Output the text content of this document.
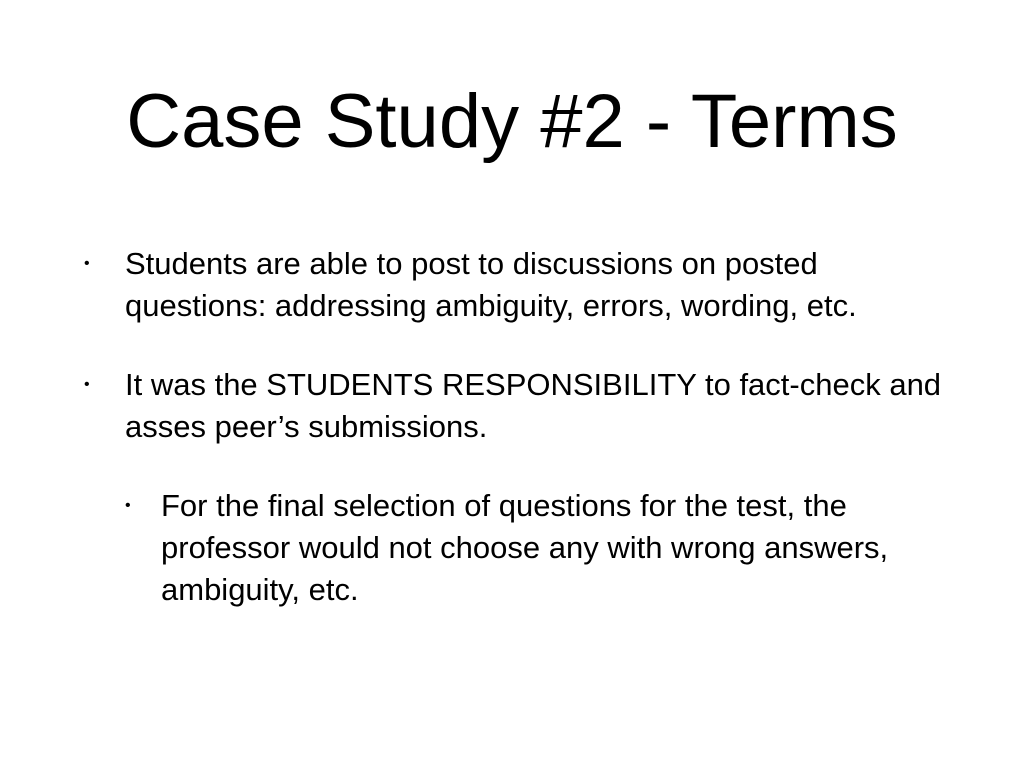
Case Study #2 - Terms
• Students are able to post to discussions on posted questions: addressing ambiguity, errors, wording, etc.
• It was the STUDENTS RESPONSIBILITY to fact-check and asses peer’s submissions.
• For the final selection of questions for the test, the professor would not choose any with wrong answers, ambiguity, etc.
